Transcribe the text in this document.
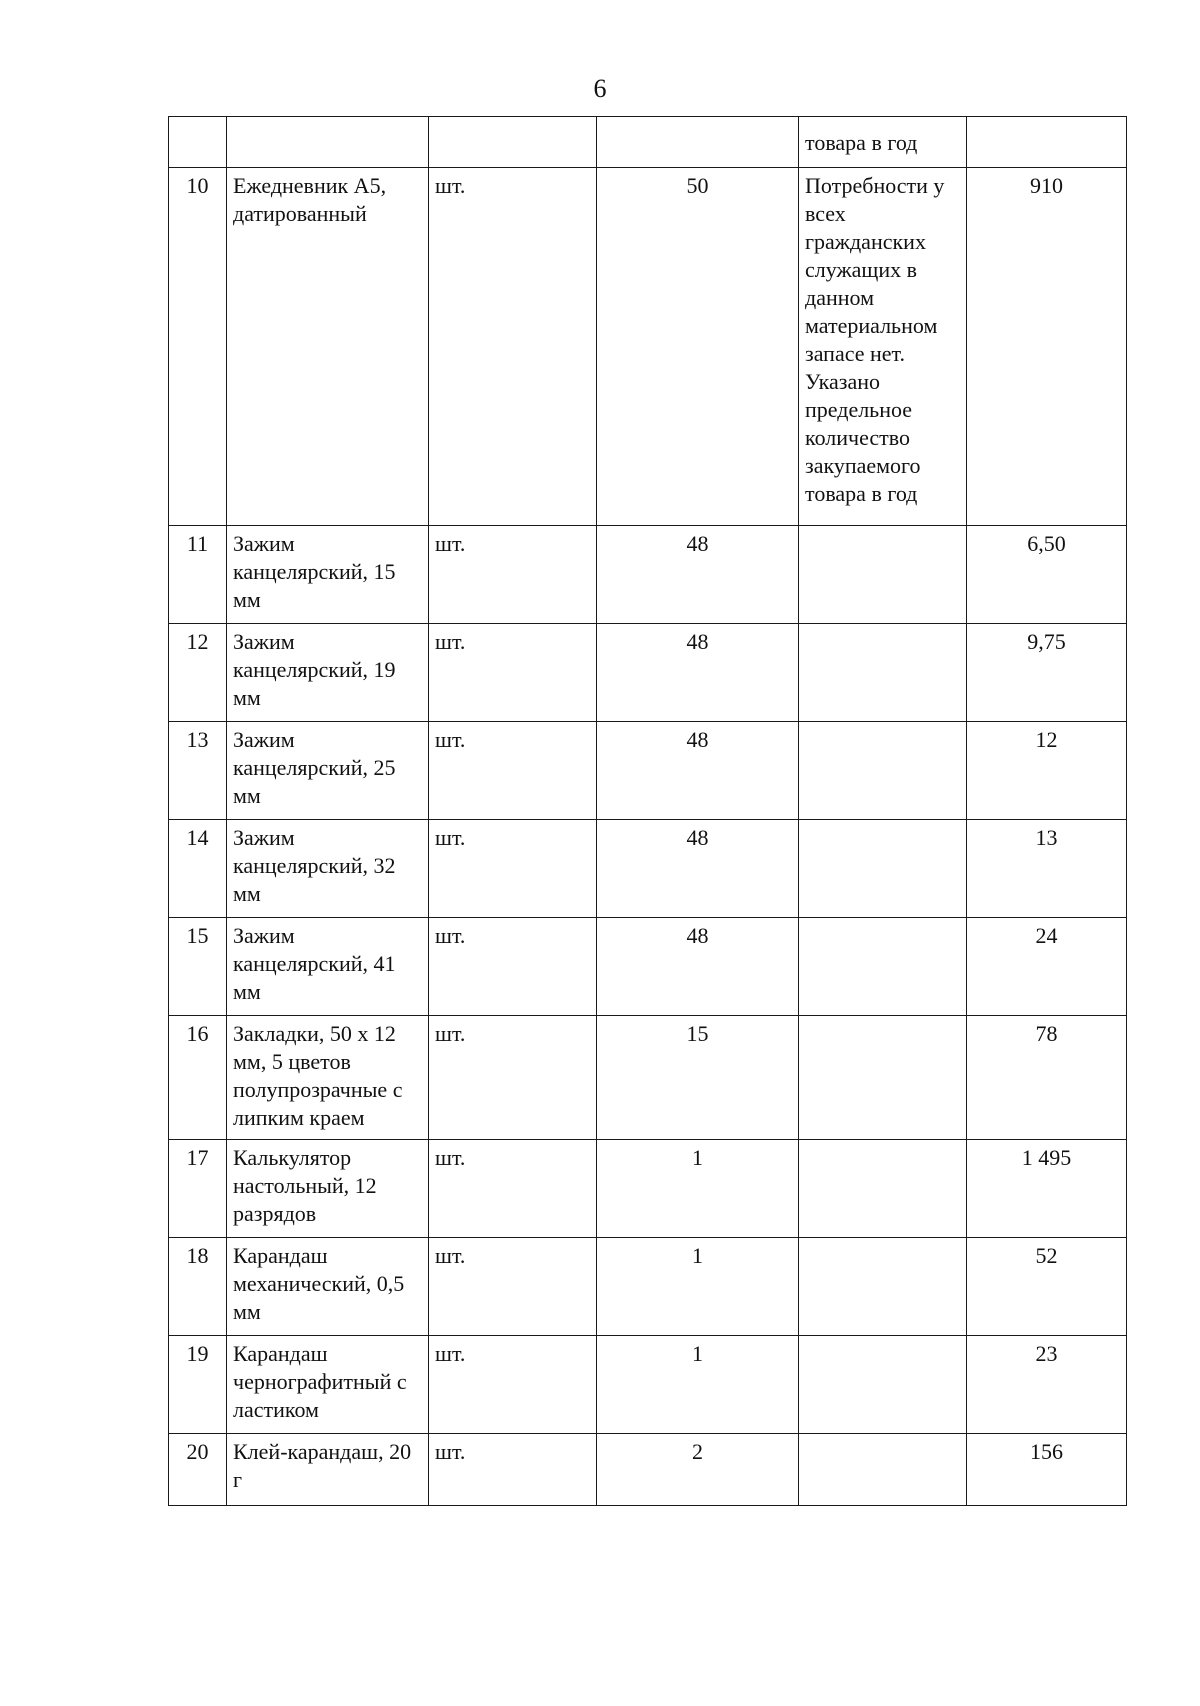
6
				товара в год	
10	Ежедневник А5, датированный	шт.	50	Потребности у всех гражданских служащих в данном материальном запасе нет. Указано предельное количество закупаемого товара в год	910
11	Зажим канцелярский, 15 мм	шт.	48		6,50
12	Зажим канцелярский, 19 мм	шт.	48		9,75
13	Зажим канцелярский, 25 мм	шт.	48		12
14	Зажим канцелярский, 32 мм	шт.	48		13
15	Зажим канцелярский, 41 мм	шт.	48		24
16	Закладки, 50 х 12 мм, 5 цветов полупрозрачные с липким краем	шт.	15		78
17	Калькулятор настольный, 12 разрядов	шт.	1		1 495
18	Карандаш механический, 0,5 мм	шт.	1		52
19	Карандаш чернографитный с ластиком	шт.	1		23
20	Клей-карандаш, 20 г	шт.	2		156
